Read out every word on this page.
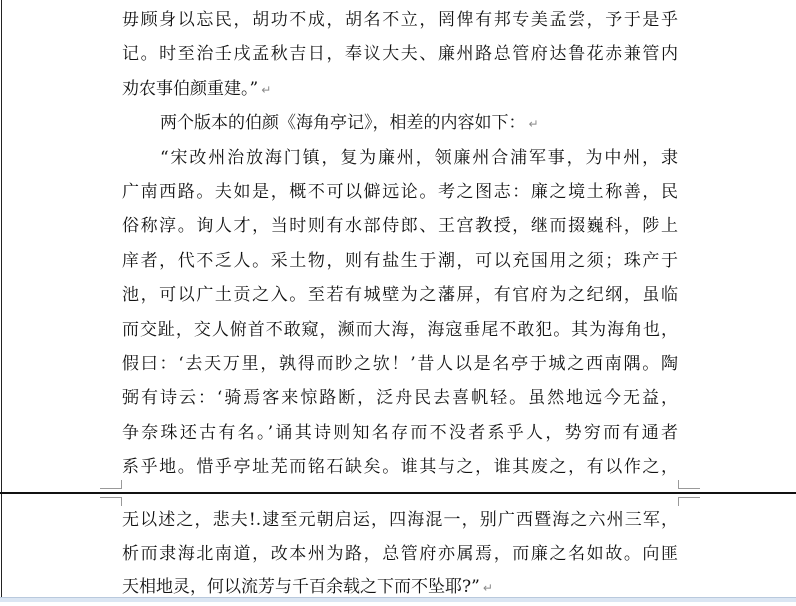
毋顾身以忘民，胡功不成，胡名不立，罔俾有邦专美孟尝，予于是乎
记。时至治壬戌孟秋吉日，奉议大夫、廉州路总管府达鲁花赤兼管内
劝农事伯颜重建。” ↵
两个版本的伯颜《海角亭记》，相差的内容如下： ↵
“宋改州治放海门镇，复为廉州，领廉州合浦军事，为中州，隶
广南西路。夫如是，概不可以僻远论。考之图志：廉之境土称善，民
俗称淳。询人才，当时则有水部侍郎、王宫教授，继而掇巍科，陟上
庠者，代不乏人。采土物，则有盐生于潮，可以充国用之须；珠产于
池，可以广土贡之入。至若有城壁为之藩屏，有官府为之纪纲，虽临
而交趾，交人俯首不敢窥，濒而大海，海寇垂尾不敢犯。其为海角也，
假曰：‘去天万里，孰得而眇之欤！’昔人以是名亭于城之西南隅。陶
弼有诗云：‘骑焉客来惊路断，泛舟民去喜帆轻。虽然地远今无益，
争奈珠还古有名。’诵其诗则知名存而不没者系乎人，势穷而有通者
系乎地。惜乎亭址芜而铭石缺矣。谁其与之，谁其废之，有以作之，
无以述之，悲夫!.逮至元朝启运，四海混一，别广西暨海之六州三军，
析而隶海北南道，改本州为路，总管府亦属焉，而廉之名如故。向匪
天相地灵，何以流芳与千百余载之下而不坠耶?” ↵
